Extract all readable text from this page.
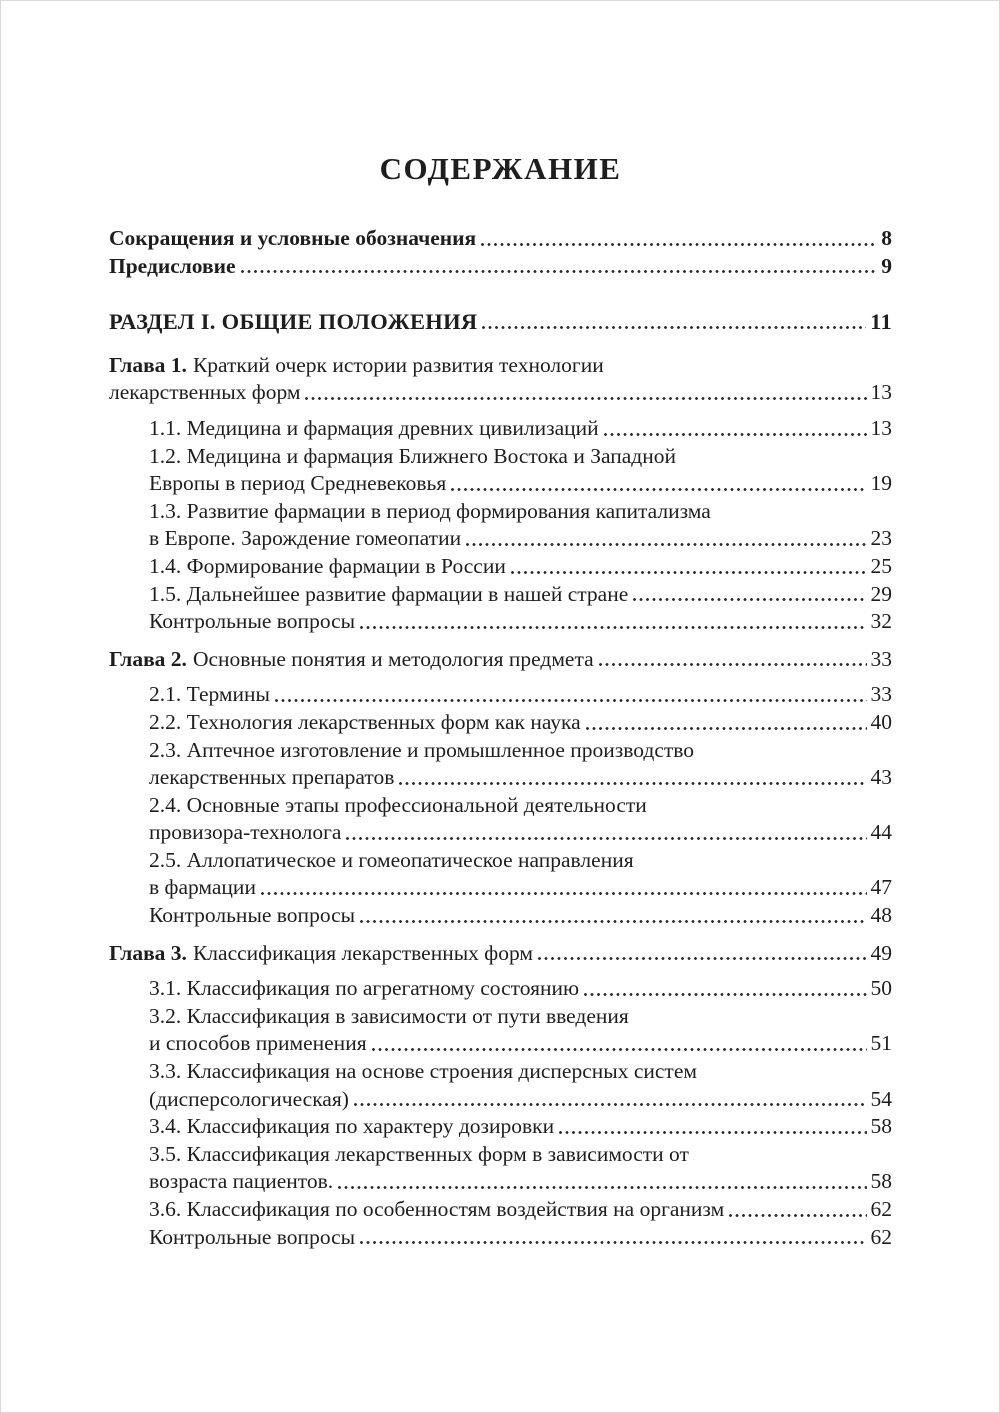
СОДЕРЖАНИЕ
Сокращения и условные обозначения	8
Предисловие	9
РАЗДЕЛ I. ОБЩИЕ ПОЛОЖЕНИЯ	11
Глава 1. Краткий очерк истории развития технологии
лекарственных форм	13
1.1. Медицина и фармация древних цивилизаций	13
1.2. Медицина и фармация Ближнего Востока и Западной
Европы в период Средневековья	19
1.3. Развитие фармации в период формирования капитализма
в Европе. Зарождение гомеопатии	23
1.4. Формирование фармации в России	25
1.5. Дальнейшее развитие фармации в нашей стране	29
Контрольные вопросы	32
Глава 2. Основные понятия и методология предмета	33
2.1. Термины	33
2.2. Технология лекарственных форм как наука	40
2.3. Аптечное изготовление и промышленное производство
лекарственных препаратов	43
2.4. Основные этапы профессиональной деятельности
провизора-технолога	44
2.5. Аллопатическое и гомеопатическое направления
в фармации	47
Контрольные вопросы	48
Глава 3. Классификация лекарственных форм	49
3.1. Классификация по агрегатному состоянию	50
3.2. Классификация в зависимости от пути введения
и способов применения	51
3.3. Классификация на основе строения дисперсных систем
(дисперсологическая)	54
3.4. Классификация по характеру дозировки	58
3.5. Классификация лекарственных форм в зависимости от
возраста пациентов.	58
3.6. Классификация по особенностям воздействия на организм	62
Контрольные вопросы	62
